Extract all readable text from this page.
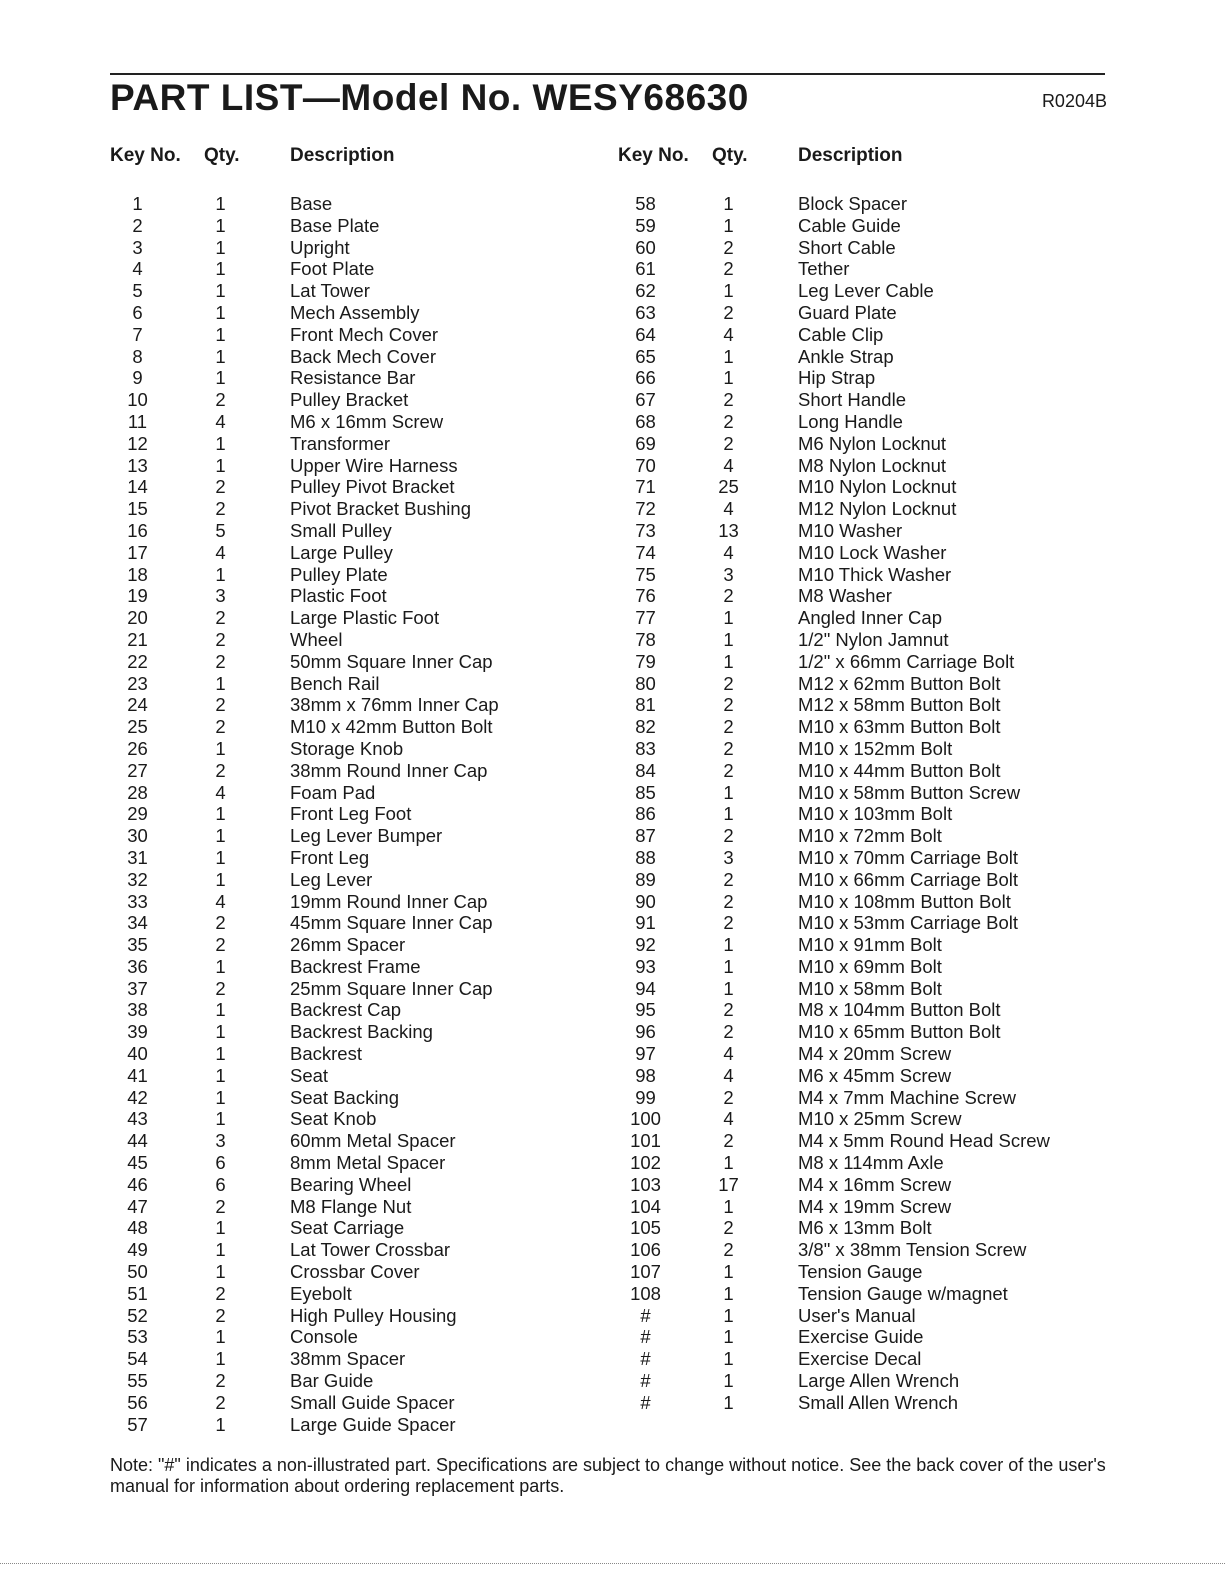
PART LIST—Model No. WESY68630	R0204B
Key No. Qty.	Description
1	1	Base
2	1	Base Plate
3	1	Upright
4	1	Foot Plate
5	1	Lat Tower
6	1	Mech Assembly
7	1	Front Mech Cover
8	1	Back Mech Cover
9	1	Resistance Bar
10	2	Pulley Bracket
11	4	M6 x 16mm Screw
12	1	Transformer
13	1	Upper Wire Harness
14	2	Pulley Pivot Bracket
15	2	Pivot Bracket Bushing
16	5	Small Pulley
17	4	Large Pulley
18	1	Pulley Plate
19	3	Plastic Foot
20	2	Large Plastic Foot
21	2	Wheel
22	2	50mm Square Inner Cap
23	1	Bench Rail
24	2	38mm x 76mm Inner Cap
25	2	M10 x 42mm Button Bolt
26	1	Storage Knob
27	2	38mm Round Inner Cap
28	4	Foam Pad
29	1	Front Leg Foot
30	1	Leg Lever Bumper
31	1	Front Leg
32	1	Leg Lever
33	4	19mm Round Inner Cap
34	2	45mm Square Inner Cap
35	2	26mm Spacer
36	1	Backrest Frame
37	2	25mm Square Inner Cap
38	1	Backrest Cap
39	1	Backrest Backing
40	1	Backrest
41	1	Seat
42	1	Seat Backing
43	1	Seat Knob
44	3	60mm Metal Spacer
45	6	8mm Metal Spacer
46	6	Bearing Wheel
47	2	M8 Flange Nut
48	1	Seat Carriage
49	1	Lat Tower Crossbar
50	1	Crossbar Cover
51	2	Eyebolt
52	2	High Pulley Housing
53	1	Console
54	1	38mm Spacer
55	2	Bar Guide
56	2	Small Guide Spacer
57	1	Large Guide Spacer
Key No. Qty.	Description
58	1	Block Spacer
59	1	Cable Guide
60	2	Short Cable
61	2	Tether
62	1	Leg Lever Cable
63	2	Guard Plate
64	4	Cable Clip
65	1	Ankle Strap
66	1	Hip Strap
67	2	Short Handle
68	2	Long Handle
69	2	M6 Nylon Locknut
70	4	M8 Nylon Locknut
71	25	M10 Nylon Locknut
72	4	M12 Nylon Locknut
73	13	M10 Washer
74	4	M10 Lock Washer
75	3	M10 Thick Washer
76	2	M8 Washer
77	1	Angled Inner Cap
78	1	1/2" Nylon Jamnut
79	1	1/2" x 66mm Carriage Bolt
80	2	M12 x 62mm Button Bolt
81	2	M12 x 58mm Button Bolt
82	2	M10 x 63mm Button Bolt
83	2	M10 x 152mm Bolt
84	2	M10 x 44mm Button Bolt
85	1	M10 x 58mm Button Screw
86	1	M10 x 103mm Bolt
87	2	M10 x 72mm Bolt
88	3	M10 x 70mm Carriage Bolt
89	2	M10 x 66mm Carriage Bolt
90	2	M10 x 108mm Button Bolt
91	2	M10 x 53mm Carriage Bolt
92	1	M10 x 91mm Bolt
93	1	M10 x 69mm Bolt
94	1	M10 x 58mm Bolt
95	2	M8 x 104mm Button Bolt
96	2	M10 x 65mm Button Bolt
97	4	M4 x 20mm Screw
98	4	M6 x 45mm Screw
99	2	M4 x 7mm Machine Screw
100	4	M10 x 25mm Screw
101	2	M4 x 5mm Round Head Screw
102	1	M8 x 114mm Axle
103	17	M4 x 16mm Screw
104	1	M4 x 19mm Screw
105	2	M6 x 13mm Bolt
106	2	3/8" x 38mm Tension Screw
107	1	Tension Gauge
108	1	Tension Gauge w/magnet
#	1	User's Manual
#	1	Exercise Guide
#	1	Exercise Decal
#	1	Large Allen Wrench
#	1	Small Allen Wrench
Note: "#" indicates a non-illustrated part. Specifications are subject to change without notice. See the back cover of the user's manual for information about ordering replacement parts.
